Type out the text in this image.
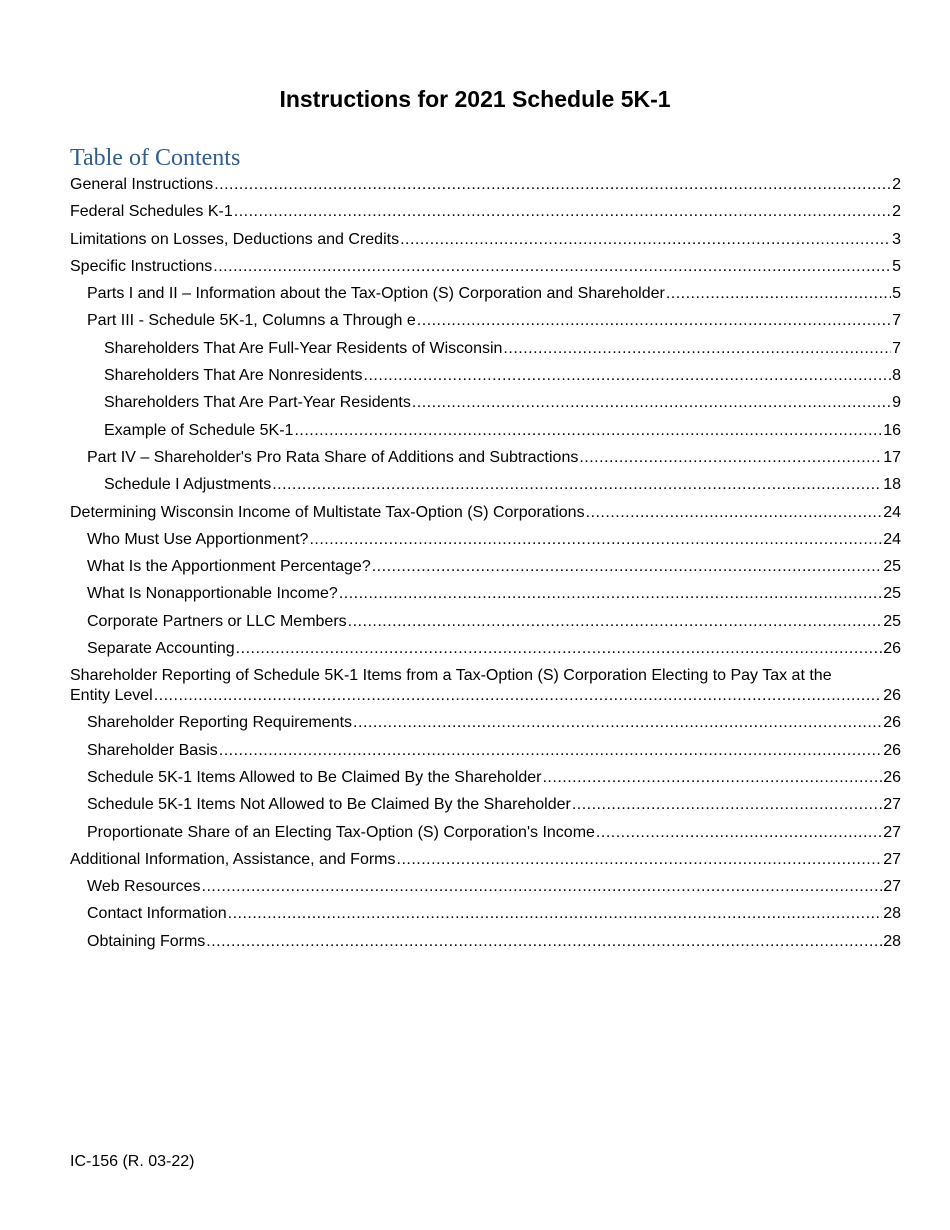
Instructions for 2021 Schedule 5K-1
Table of Contents
General Instructions .....	2
Federal Schedules K-1 .....	2
Limitations on Losses, Deductions and Credits .....	3
Specific Instructions .....	5
Parts I and II – Information about the Tax-Option (S) Corporation and Shareholder .....	5
Part III - Schedule 5K-1, Columns a Through e .....	7
Shareholders That Are Full-Year Residents of Wisconsin .....	7
Shareholders That Are Nonresidents .....	8
Shareholders That Are Part-Year Residents .....	9
Example of Schedule 5K-1 .....	16
Part IV – Shareholder's Pro Rata Share of Additions and Subtractions .....	17
Schedule I Adjustments .....	18
Determining Wisconsin Income of Multistate Tax-Option (S) Corporations .....	24
Who Must Use Apportionment? .....	24
What Is the Apportionment Percentage? .....	25
What Is Nonapportionable Income? .....	25
Corporate Partners or LLC Members .....	25
Separate Accounting .....	26
Shareholder Reporting of Schedule 5K-1 Items from a Tax-Option (S) Corporation Electing to Pay Tax at the
Entity Level .....	26
Shareholder Reporting Requirements .....	26
Shareholder Basis .....	26
Schedule 5K-1 Items Allowed to Be Claimed By the Shareholder .....	26
Schedule 5K-1 Items Not Allowed to Be Claimed By the Shareholder .....	27
Proportionate Share of an Electing Tax-Option (S) Corporation's Income .....	27
Additional Information, Assistance, and Forms .....	27
Web Resources .....	27
Contact Information .....	28
Obtaining Forms .....	28
IC-156 (R. 03-22)
